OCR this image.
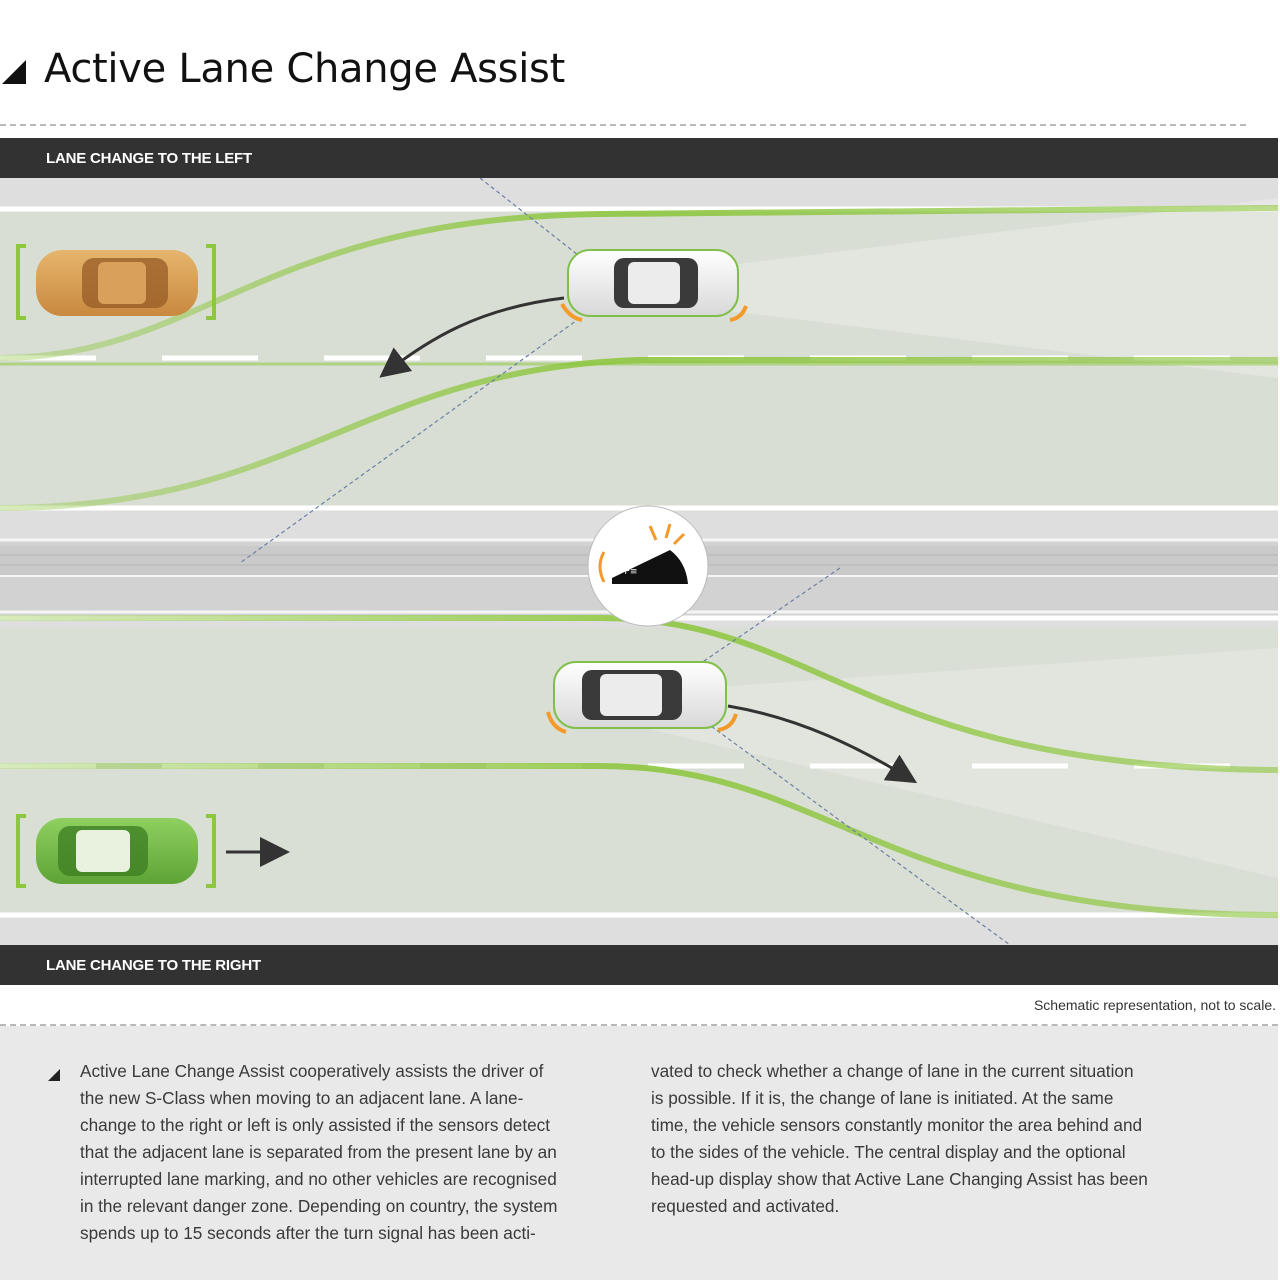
Active Lane Change Assist
LANE CHANGE TO THE LEFT
⇔ P≡
LANE CHANGE TO THE RIGHT
Schematic representation, not to scale.
Active Lane Change Assist cooperatively assists the driver of
the new S-Class when moving to an adjacent lane. A lane-
change to the right or left is only assisted if the sensors detect
that the adjacent lane is separated from the present lane by an
interrupted lane marking, and no other vehicles are recognised
in the relevant danger zone. Depending on country, the system
spends up to 15 seconds after the turn signal has been acti-
vated to check whether a change of lane in the current situation
is possible. If it is, the change of lane is initiated. At the same
time, the vehicle sensors constantly monitor the area behind and
to the sides of the vehicle. The central display and the optional
head-up display show that Active Lane Changing Assist has been
requested and activated.
